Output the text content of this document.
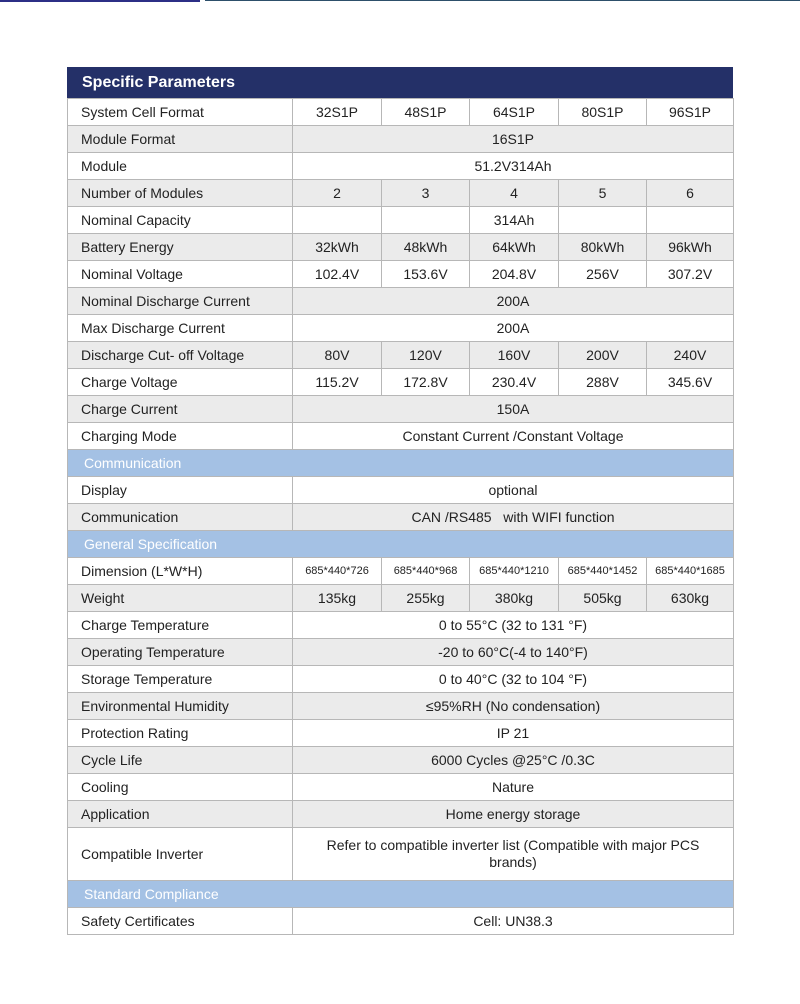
Specific Parameters
System Cell Format	32S1P	48S1P	64S1P	80S1P	96S1P
Module Format	16S1P				
Module	51.2V314Ah				
Number of Modules	2	3	4	5	6
Nominal Capacity			314Ah		
Battery Energy	32kWh	48kWh	64kWh	80kWh	96kWh
Nominal Voltage	102.4V	153.6V	204.8V	256V	307.2V
Nominal Discharge Current	200A				
Max Discharge Current	200A				
Discharge Cut- off Voltage	80V	120V	160V	200V	240V
Charge Voltage	115.2V	172.8V	230.4V	288V	345.6V
Charge Current	150A				
Charging Mode	Constant Current /Constant Voltage				
Communication					
Display	optional				
Communication	CAN /RS485   with WIFI function				
General Specification					
Dimension (L*W*H)	685*440*726	685*440*968	685*440*1210	685*440*1452	685*440*1685
Weight	135kg	255kg	380kg	505kg	630kg
Charge Temperature	0 to 55°C (32 to 131 °F)				
Operating Temperature	-20 to 60°C(-4 to 140°F)				
Storage Temperature	0 to 40°C (32 to 104 °F)				
Environmental Humidity	≤95%RH (No condensation)				
Protection Rating	IP 21				
Cycle Life	6000 Cycles @25°C /0.3C				
Cooling	Nature				
Application	Home energy storage				
Compatible Inverter	Refer to compatible inverter list (Compatible with major PCS brands)				
Standard Compliance					
Safety Certificates	Cell: UN38.3				
